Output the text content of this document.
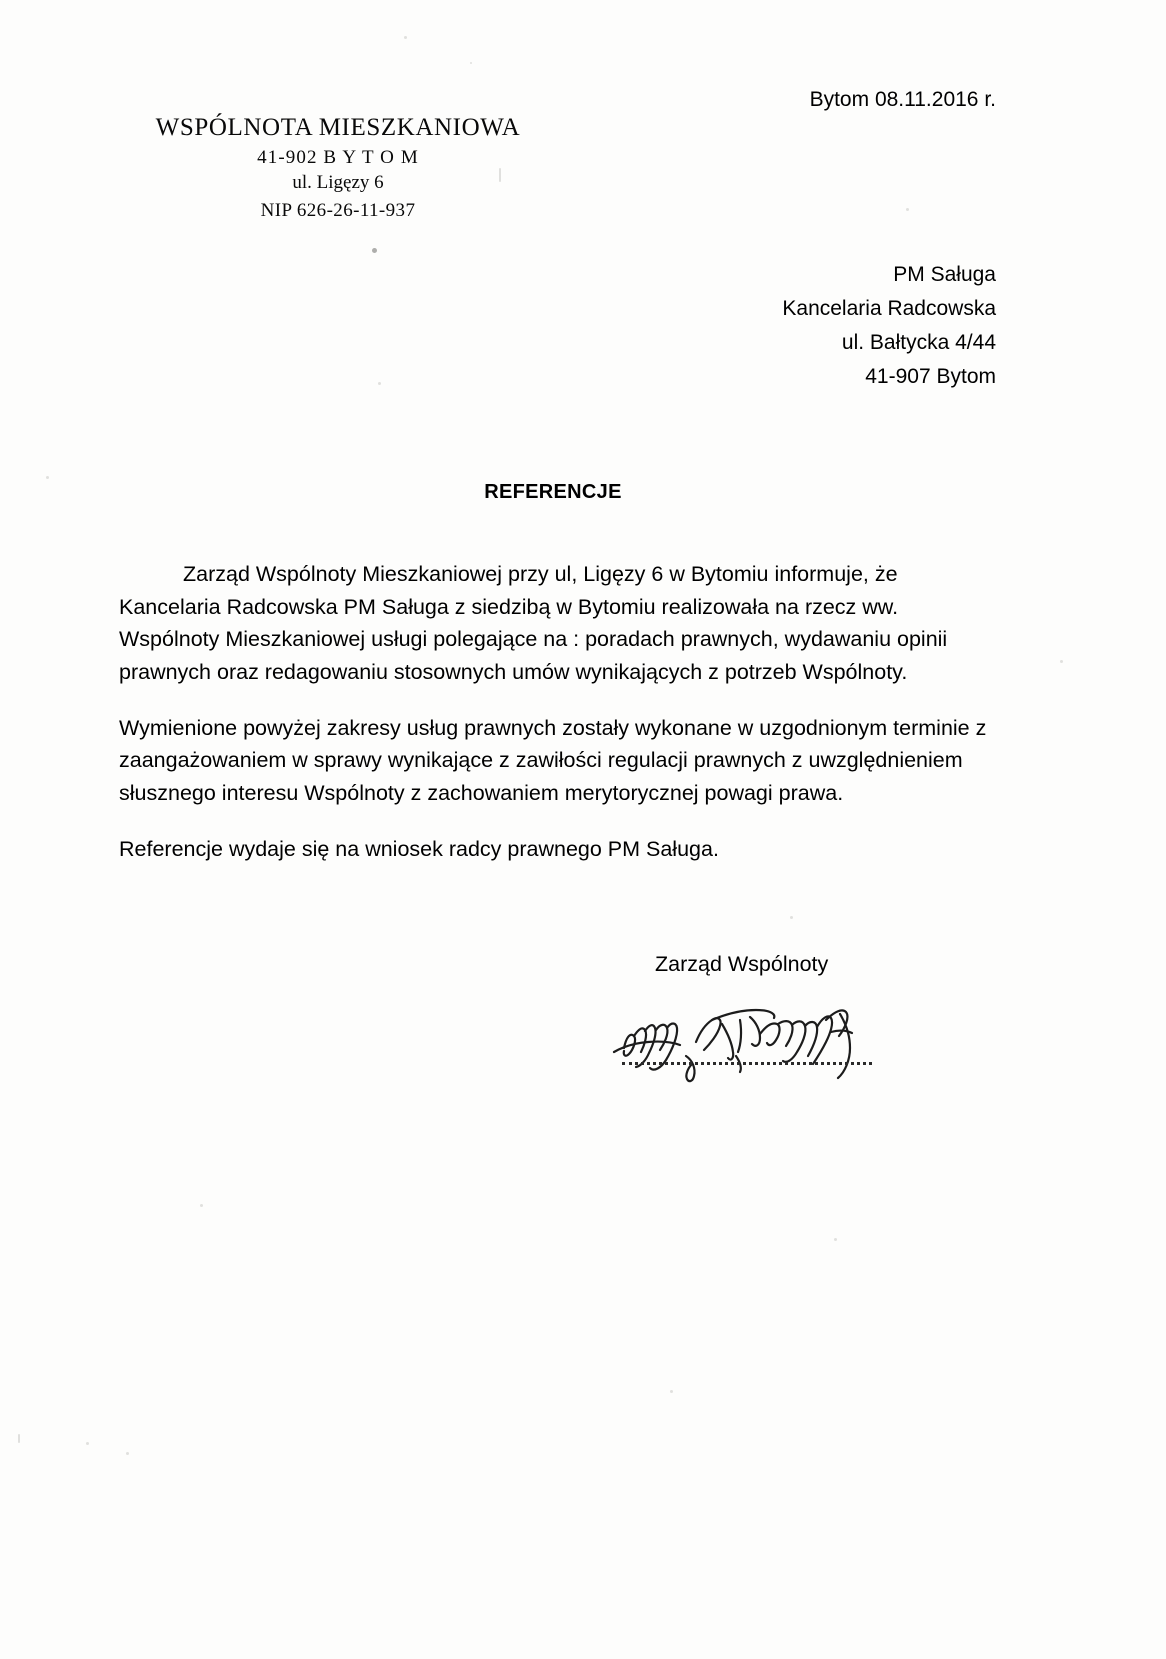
WSPÓLNOTA MIESZKANIOWA
41-902 B Y T O M
ul. Ligęzy 6
NIP 626-26-11-937
Bytom 08.11.2016 r.
PM Saługa
Kancelaria Radcowska
ul. Bałtycka 4/44
41-907 Bytom
REFERENCJE

Zarząd Wspólnoty Mieszkaniowej przy ul, Ligęzy 6 w Bytomiu informuje, że Kancelaria Radcowska PM Saługa z siedzibą w Bytomiu realizowała na rzecz ww. Wspólnoty Mieszkaniowej usługi polegające na : poradach prawnych, wydawaniu opinii prawnych oraz redagowaniu stosownych umów wynikających z potrzeb Wspólnoty.

Wymienione powyżej zakresy usług prawnych zostały wykonane w uzgodnionym terminie z zaangażowaniem w sprawy wynikające z zawiłości regulacji prawnych z uwzględnieniem słusznego interesu Wspólnoty z zachowaniem merytorycznej powagi prawa.

Referencje wydaje się na wniosek radcy prawnego PM Saługa.

Zarząd Wspólnoty
